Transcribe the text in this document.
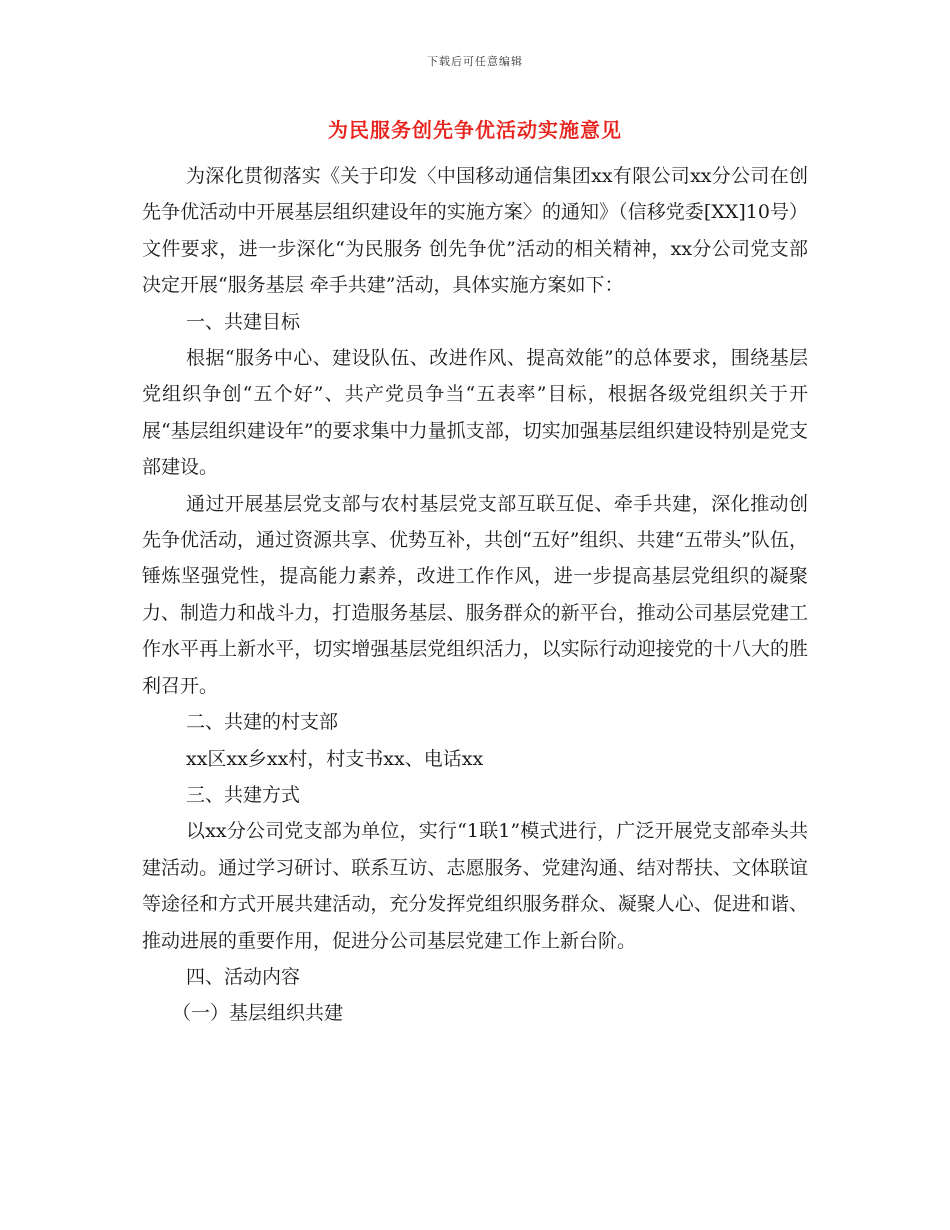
下载后可任意编辑
为民服务创先争优活动实施意见

为深化贯彻落实《关于印发〈中国移动通信集团xx有限公司xx分公司在创先争优活动中开展基层组织建设年的实施方案〉的通知》（信移党委[XX]10号）文件要求，进一步深化“为民服务 创先争优”活动的相关精神，xx分公司党支部决定开展“服务基层 牵手共建”活动，具体实施方案如下：

一、共建目标

根据“服务中心、建设队伍、改进作风、提高效能”的总体要求，围绕基层党组织争创“五个好”、共产党员争当“五表率”目标，根据各级党组织关于开展“基层组织建设年”的要求集中力量抓支部，切实加强基层组织建设特别是党支部建设。

通过开展基层党支部与农村基层党支部互联互促、牵手共建，深化推动创先争优活动，通过资源共享、优势互补，共创“五好”组织、共建“五带头”队伍，锤炼坚强党性，提高能力素养，改进工作作风，进一步提高基层党组织的凝聚力、制造力和战斗力，打造服务基层、服务群众的新平台，推动公司基层党建工作水平再上新水平，切实增强基层党组织活力，以实际行动迎接党的十八大的胜利召开。

二、共建的村支部

xx区xx乡xx村，村支书xx、电话xx

三、共建方式

以xx分公司党支部为单位，实行“1联1”模式进行，广泛开展党支部牵头共建活动。通过学习研讨、联系互访、志愿服务、党建沟通、结对帮扶、文体联谊等途径和方式开展共建活动，充分发挥党组织服务群众、凝聚人心、促进和谐、推动进展的重要作用，促进分公司基层党建工作上新台阶。

四、活动内容

（一）基层组织共建
